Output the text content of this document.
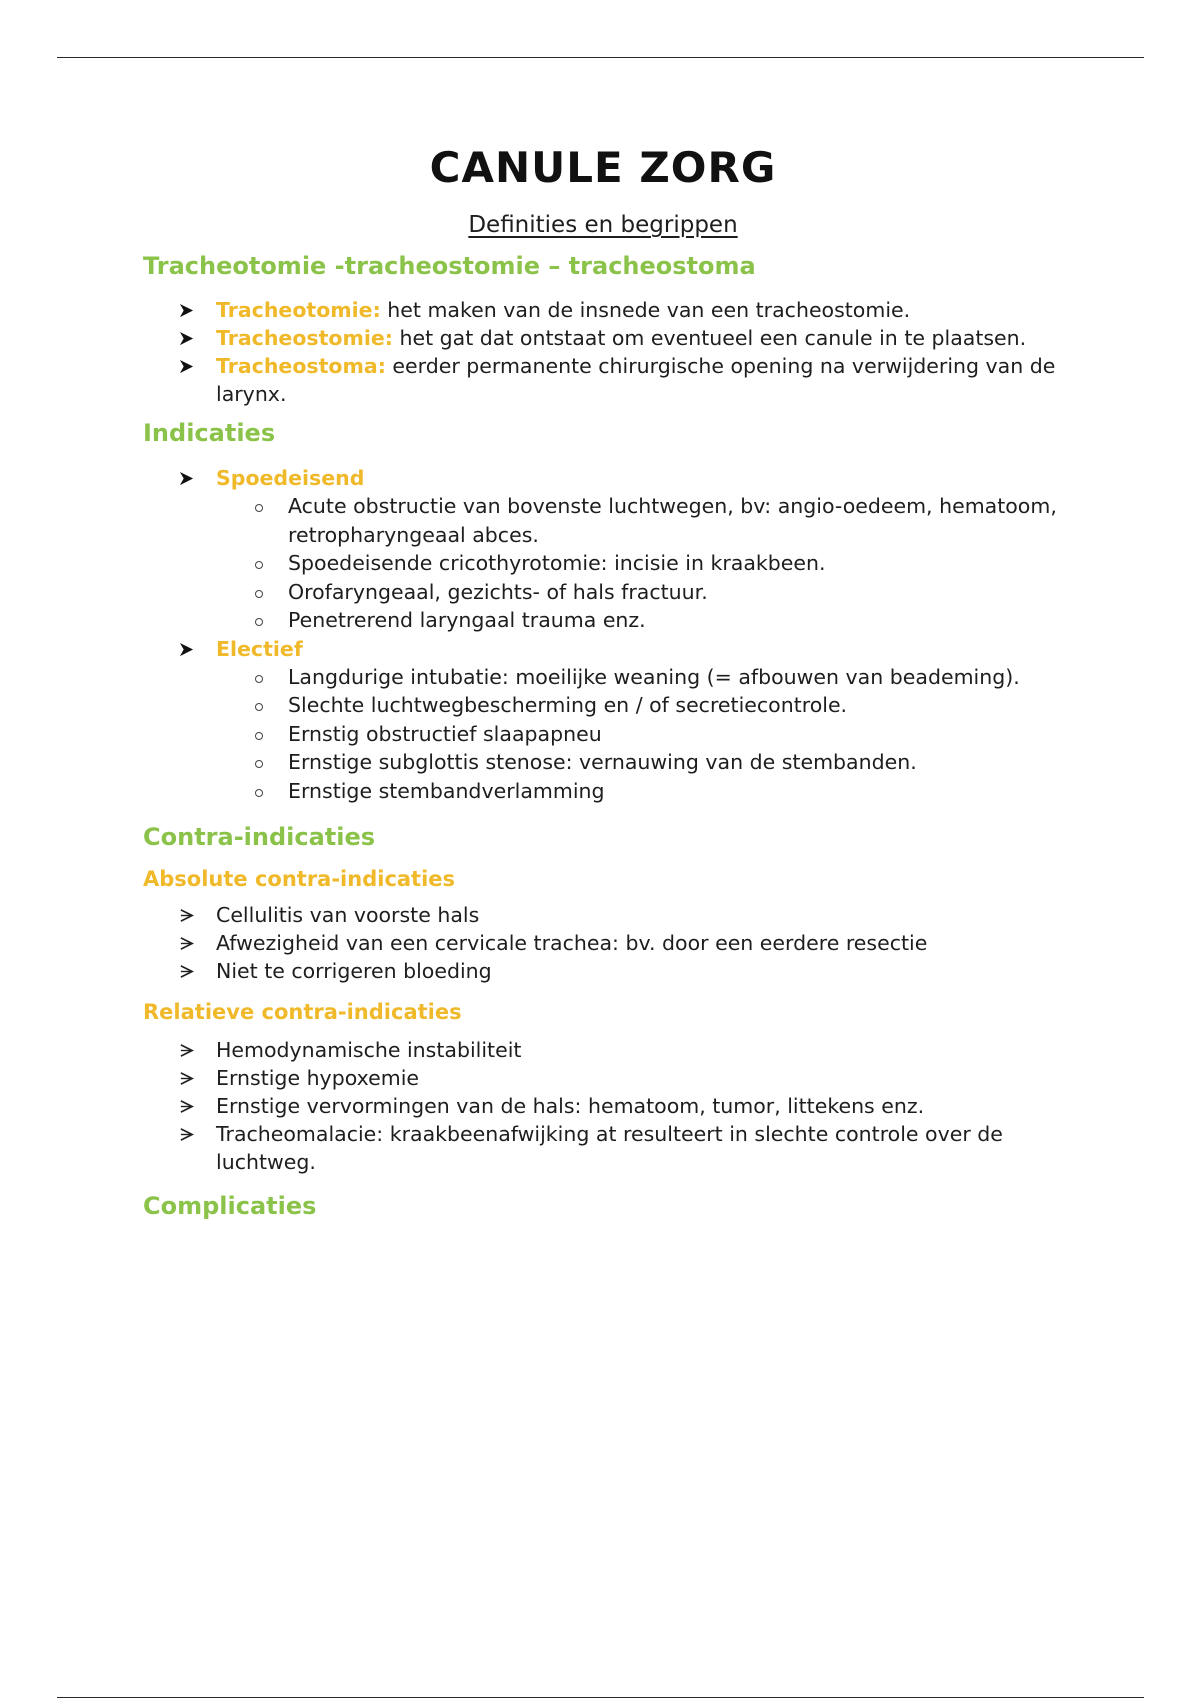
CANULE ZORG
Definities en begrippen
Tracheotomie -tracheostomie – tracheostoma
Tracheotomie: het maken van de insnede van een tracheostomie.
Tracheostomie: het gat dat ontstaat om eventueel een canule in te plaatsen.
Tracheostoma: eerder permanente chirurgische opening na verwijdering van de larynx.
Indicaties
Spoedeisend
Acute obstructie van bovenste luchtwegen, bv: angio-oedeem, hematoom, retropharyngeaal abces.
Spoedeisende cricothyrotomie: incisie in kraakbeen.
Orofaryngeaal, gezichts- of hals fractuur.
Penetrerend laryngaal trauma enz.
Electief
Langdurige intubatie: moeilijke weaning (= afbouwen van beademing).
Slechte luchtwegbescherming en / of secretiecontrole.
Ernstig obstructief slaapapneu
Ernstige subglottis stenose: vernauwing van de stembanden.
Ernstige stembandverlamming
Contra-indicaties
Absolute contra-indicaties
Cellulitis van voorste hals
Afwezigheid van een cervicale trachea: bv. door een eerdere resectie
Niet te corrigeren bloeding
Relatieve contra-indicaties
Hemodynamische instabiliteit
Ernstige hypoxemie
Ernstige vervormingen van de hals: hematoom, tumor, littekens enz.
Tracheomalacie: kraakbeenafwijking at resulteert in slechte controle over de luchtweg.
Complicaties
